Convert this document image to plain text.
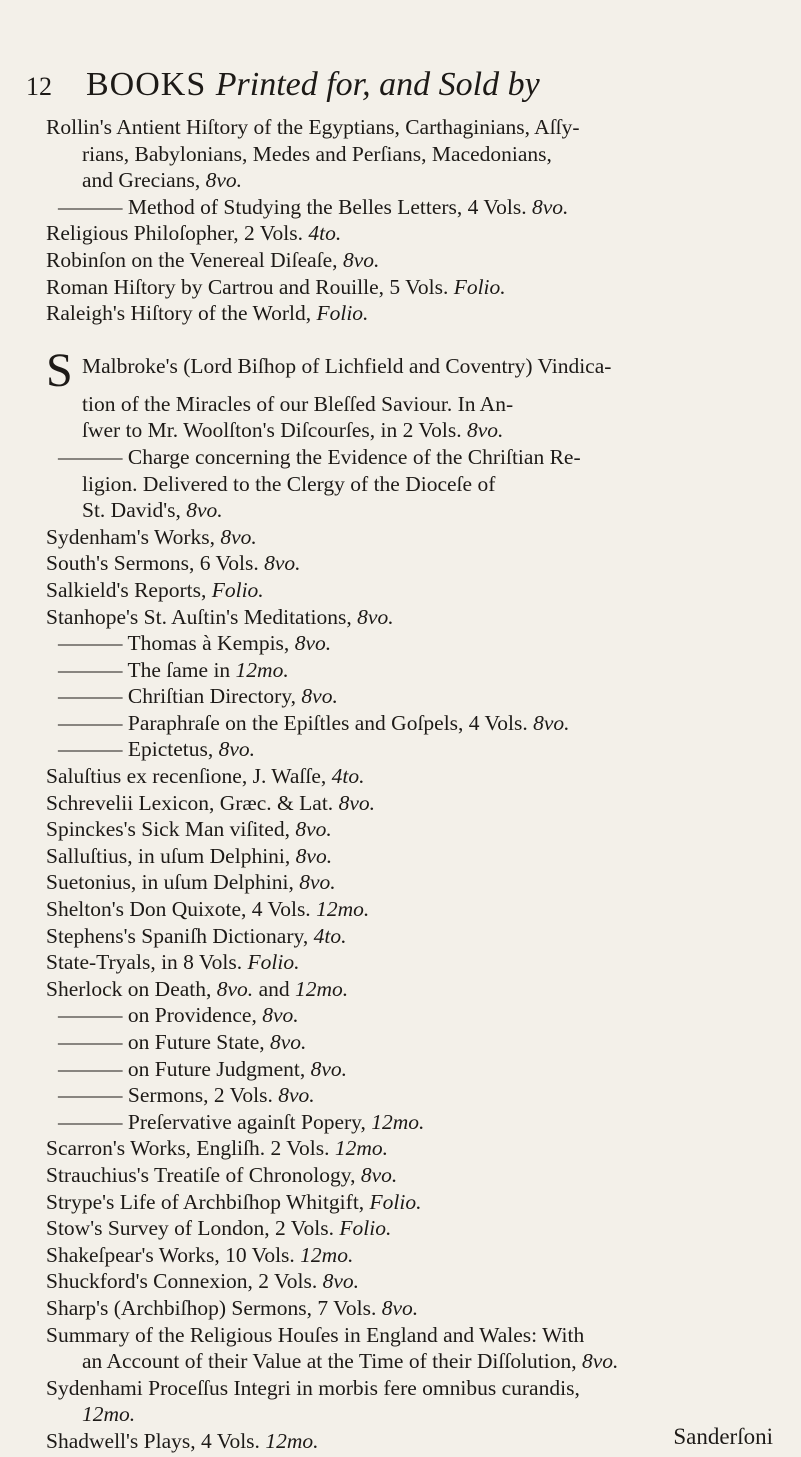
12 BOOKS Printed for, and Sold by
Rollin's Antient Hiſtory of the Egyptians, Carthaginians, Aſſy-
rians, Babylonians, Medes and Perſians, Macedonians,
and Grecians, 8vo.
——— Method of Studying the Belles Letters, 4 Vols. 8vo.
Religious Philoſopher, 2 Vols. 4to.
Robinſon on the Venereal Diſeaſe, 8vo.
Roman Hiſtory by Cartrou and Rouille, 5 Vols. Folio.
Raleigh's Hiſtory of the World, Folio.
S Malbroke's (Lord Biſhop of Lichfield and Coventry) Vindica-
tion of the Miracles of our Bleſſed Saviour. In An-
ſwer to Mr. Woolſton's Diſcourſes, in 2 Vols. 8vo.
——— Charge concerning the Evidence of the Chriſtian Re-
ligion. Delivered to the Clergy of the Dioceſe of
St. David's, 8vo.
Sydenham's Works, 8vo.
South's Sermons, 6 Vols. 8vo.
Salkield's Reports, Folio.
Stanhope's St. Auſtin's Meditations, 8vo.
——— Thomas à Kempis, 8vo.
——— The ſame in 12mo.
——— Chriſtian Directory, 8vo.
——— Paraphraſe on the Epiſtles and Goſpels, 4 Vols. 8vo.
——— Epictetus, 8vo.
Saluſtius ex recenſione, J. Waſſe, 4to.
Schrevelii Lexicon, Græc. & Lat. 8vo.
Spinckes's Sick Man viſited, 8vo.
Salluſtius, in uſum Delphini, 8vo.
Suetonius, in uſum Delphini, 8vo.
Shelton's Don Quixote, 4 Vols. 12mo.
Stephens's Spaniſh Dictionary, 4to.
State-Tryals, in 8 Vols. Folio.
Sherlock on Death, 8vo. and 12mo.
——— on Providence, 8vo.
——— on Future State, 8vo.
——— on Future Judgment, 8vo.
——— Sermons, 2 Vols. 8vo.
——— Preſervative againſt Popery, 12mo.
Scarron's Works, Engliſh. 2 Vols. 12mo.
Strauchius's Treatiſe of Chronology, 8vo.
Strype's Life of Archbiſhop Whitgift, Folio.
Stow's Survey of London, 2 Vols. Folio.
Shakeſpear's Works, 10 Vols. 12mo.
Shuckford's Connexion, 2 Vols. 8vo.
Sharp's (Archbiſhop) Sermons, 7 Vols. 8vo.
Summary of the Religious Houſes in England and Wales: With
an Account of their Value at the Time of their Diſſolution, 8vo.
Sydenhami Proceſſus Integri in morbis fere omnibus curandis,
12mo.
Shadwell's Plays, 4 Vols. 12mo.	Sanderſoni
